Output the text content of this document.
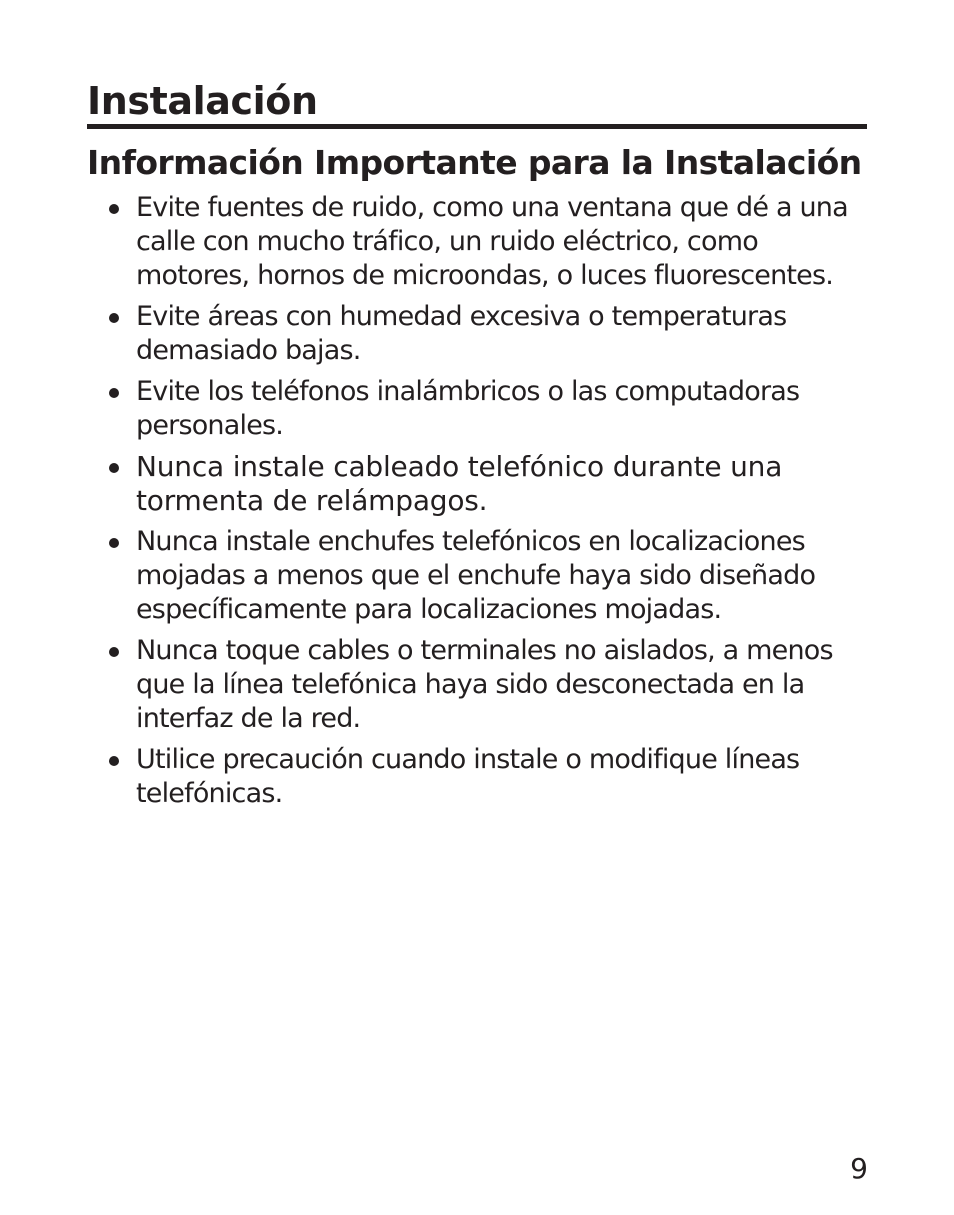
Instalación
Información Importante para la Instalación
Evite fuentes de ruido, como una ventana que dé a una calle con mucho tráfico, un ruido eléctrico, como motores, hornos de microondas, o luces fluorescentes.
Evite áreas con humedad excesiva o temperaturas demasiado bajas.
Evite los teléfonos inalámbricos o las computadoras personales.
Nunca instale cableado telefónico durante una tormenta de relámpagos.
Nunca instale enchufes telefónicos en localizaciones mojadas a menos que el enchufe haya sido diseñado específicamente para localizaciones mojadas.
Nunca toque cables o terminales no aislados, a menos que la línea telefónica haya sido desconectada en la interfaz de la red.
Utilice precaución cuando instale o modifique líneas telefónicas.
9
